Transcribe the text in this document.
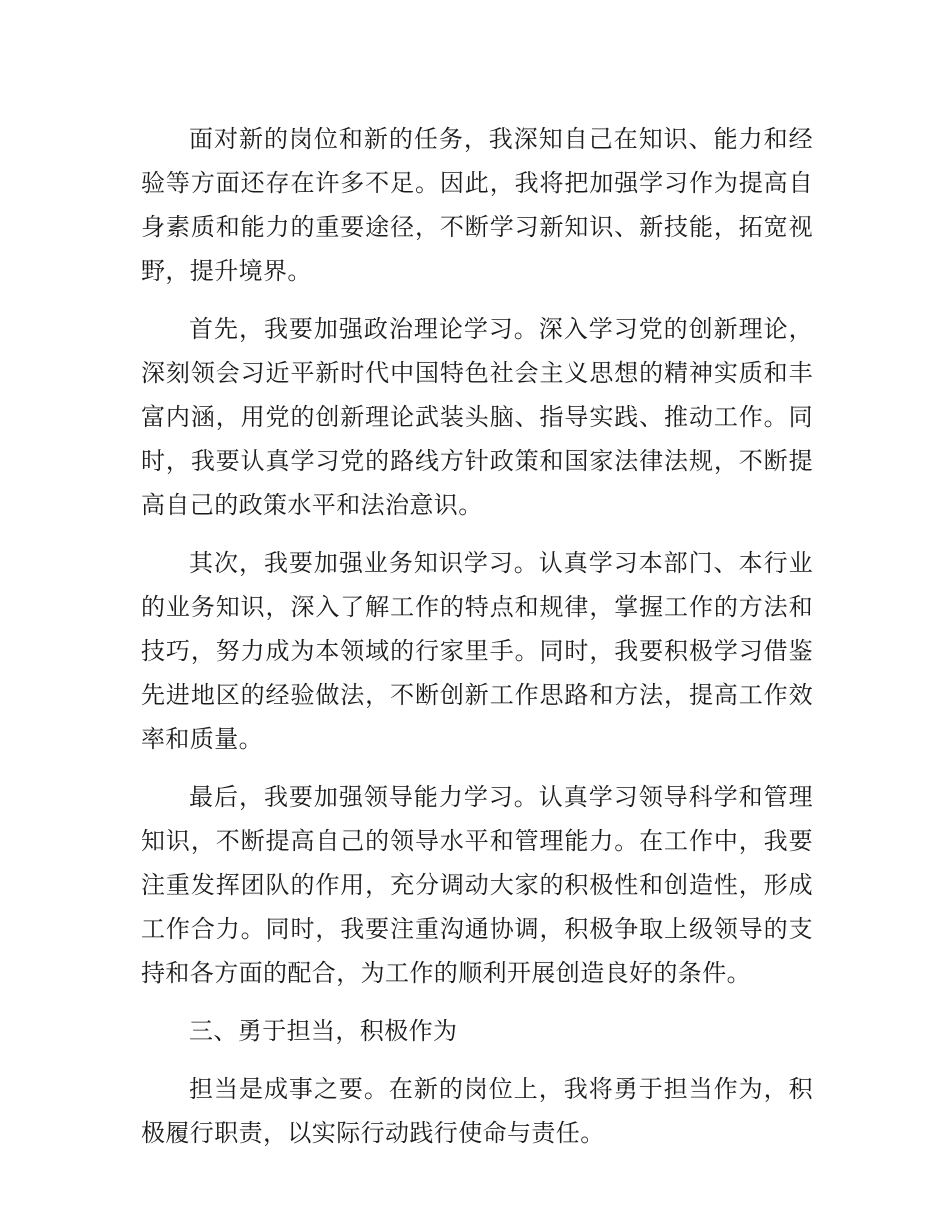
面对新的岗位和新的任务，我深知自己在知识、能力和经验等方面还存在许多不足。因此，我将把加强学习作为提高自身素质和能力的重要途径，不断学习新知识、新技能，拓宽视野，提升境界。

首先，我要加强政治理论学习。深入学习党的创新理论，深刻领会习近平新时代中国特色社会主义思想的精神实质和丰富内涵，用党的创新理论武装头脑、指导实践、推动工作。同时，我要认真学习党的路线方针政策和国家法律法规，不断提高自己的政策水平和法治意识。

其次，我要加强业务知识学习。认真学习本部门、本行业的业务知识，深入了解工作的特点和规律，掌握工作的方法和技巧，努力成为本领域的行家里手。同时，我要积极学习借鉴先进地区的经验做法，不断创新工作思路和方法，提高工作效率和质量。

最后，我要加强领导能力学习。认真学习领导科学和管理知识，不断提高自己的领导水平和管理能力。在工作中，我要注重发挥团队的作用，充分调动大家的积极性和创造性，形成工作合力。同时，我要注重沟通协调，积极争取上级领导的支持和各方面的配合，为工作的顺利开展创造良好的条件。

三、勇于担当，积极作为

担当是成事之要。在新的岗位上，我将勇于担当作为，积极履行职责，以实际行动践行使命与责任。
